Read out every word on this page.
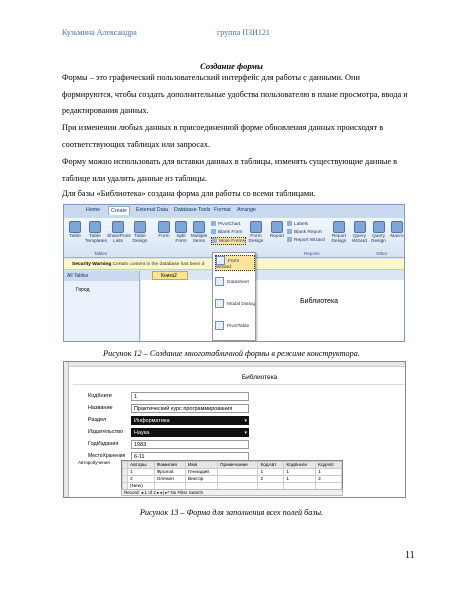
Кузьмина Александра	группа ПЗИ121
Создание формы
Формы – это графический пользовательский интерфейс для работы с данными. Они формируются, чтобы создать дополнительные удобства пользователю в плане просмотра, ввода и редактирования данных.
При изменении любых данных в присоединенной форме обновления данных происходят в соответствующих таблицах или запросах.
Форму можно использовать для вставки данных в таблицы, изменять существующие данные в таблице или удалить данные из таблицы.
Для базы «Библиотека» создана форма для работы со всеми таблицами.
Home	Create	External Data Database Tools Format Arrange
Table	Table Templates
SharePoint Lists
Table Design
Form	Split Form
Multiple Items
PivotChart
Blank Form
More Forms
Form Design
Report
Labels
Blank Report
Report Wizard
Report Design
Query Wizard
Query Design
Macro
Tables	Reports	Other
Security Warning Certain content in the database has been d
All Tables
Город
Книга2
Библиотека
Form Wizard
Datasheet
Modal Dialog
PivotTable
Рисунок 12 – Создание многотабличной формы в режиме конструктора.
Библиотека
КодКниги	1
Название	Практический курс программирования
Раздел	Информатика ▾
Издательство	Наука ▾
ГодИздания	1983
МестоХранения	6-11
Авторобучения
		Авторы	Фамилия	Имя	Примечание	КодАвт	КодКниги	КодАвт
	1	Фролов	Геннадий		1	1	1
	2	Оленин	Виктор		2	1	2
	(New)						
Record: ◂ 1 of 2 ▸ ▸| ▸* No Filter Search
Рисунок 13 – Форма для заполнения всех полей базы.
11
